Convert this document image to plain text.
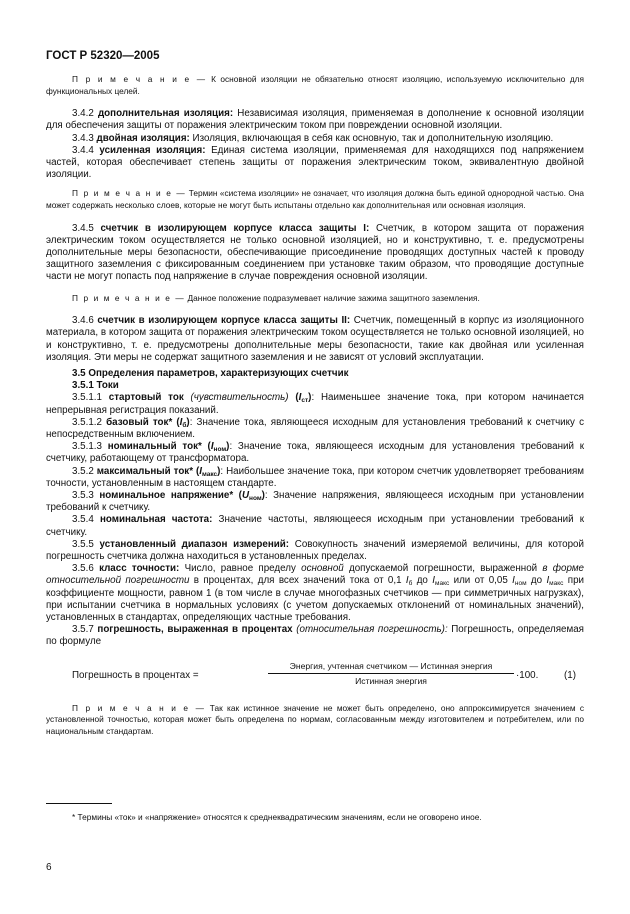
ГОСТ Р 52320—2005

П р и м е ч а н и е — К основной изоляции не обязательно относят изоляцию, используемую исключительно для функциональных целей.

3.4.2 дополнительная изоляция: Независимая изоляция, применяемая в дополнение к основной изоляции для обеспечения защиты от поражения электрическим током при повреждении основной изоляции.

3.4.3 двойная изоляция: Изоляция, включающая в себя как основную, так и дополнительную изоляцию.

3.4.4 усиленная изоляция: Единая система изоляции, применяемая для находящихся под напряжением частей, которая обеспечивает степень защиты от поражения электрическим током, эквивалентную двойной изоляции.

П р и м е ч а н и е — Термин «система изоляции» не означает, что изоляция должна быть единой однородной частью. Она может содержать несколько слоев, которые не могут быть испытаны отдельно как дополнительная или основная изоляция.

3.4.5 счетчик в изолирующем корпусе класса защиты I: Счетчик, в котором защита от поражения электрическим током осуществляется не только основной изоляцией, но и конструктивно, т. е. предусмотрены дополнительные меры безопасности, обеспечивающие присоединение проводящих доступных частей к проводу защитного заземления с фиксированным соединением при установке таким образом, что проводящие доступные части не могут попасть под напряжение в случае повреждения основной изоляции.

П р и м е ч а н и е — Данное положение подразумевает наличие зажима защитного заземления.

3.4.6 счетчик в изолирующем корпусе класса защиты II: Счетчик, помещенный в корпус из изоляционного материала, в котором защита от поражения электрическим током осуществляется не только основной изоляцией, но и конструктивно, т. е. предусмотрены дополнительные меры безопасности, такие как двойная или усиленная изоляция. Эти меры не содержат защитного заземления и не зависят от условий эксплуатации.

3.5 Определения параметров, характеризующих счетчик

3.5.1 Токи

3.5.1.1 стартовый ток (чувствительность) $(I_{ст})$: Наименьшее значение тока, при котором начинается непрерывная регистрация показаний.

3.5.1.2 базовый ток* $(I_б)$: Значение тока, являющееся исходным для установления требований к счетчику с непосредственным включением.

3.5.1.3 номинальный ток* $(I_{ном})$: Значение тока, являющееся исходным для установления требований к счетчику, работающему от трансформатора.

3.5.2 максимальный ток* $(I_{макс})$: Наибольшее значение тока, при котором счетчик удовлетворяет требованиям точности, установленным в настоящем стандарте.

3.5.3 номинальное напряжение* $(U_{ном})$: Значение напряжения, являющееся исходным при установлении требований к счетчику.

3.5.4 номинальная частота: Значение частоты, являющееся исходным при установлении требований к счетчику.

3.5.5 установленный диапазон измерений: Совокупность значений измеряемой величины, для которой погрешность счетчика должна находиться в установленных пределах.

3.5.6 класс точности: Число, равное пределу основной допускаемой погрешности, выраженной в форме относительной погрешности в процентах, для всех значений тока от 0,1 $I_б$ до $I_{макс}$ или от 0,05 $I_{ном}$ до $I_{макс}$ при коэффициенте мощности, равном 1 (в том числе в случае многофазных счетчиков — при симметричных нагрузках), при испытании счетчика в нормальных условиях (с учетом допускаемых отклонений от номинальных значений), установленных в стандартах, определяющих частные требования.

3.5.7 погрешность, выраженная в процентах (относительная погрешность): Погрешность, определяемая по формуле

Погрешность в процентах =
Энергия, учтенная счетчиком — Истинная энергия
Истинная энергия	·100.	(1)

П р и м е ч а н и е — Так как истинное значение не может быть определено, оно аппроксимируется значением с установленной точностью, которая может быть определена по нормам, согласованным между изготовителем и потребителем, или по национальным стандартам.

* Термины «ток» и «напряжение» относятся к среднеквадратическим значениям, если не оговорено иное.
6
